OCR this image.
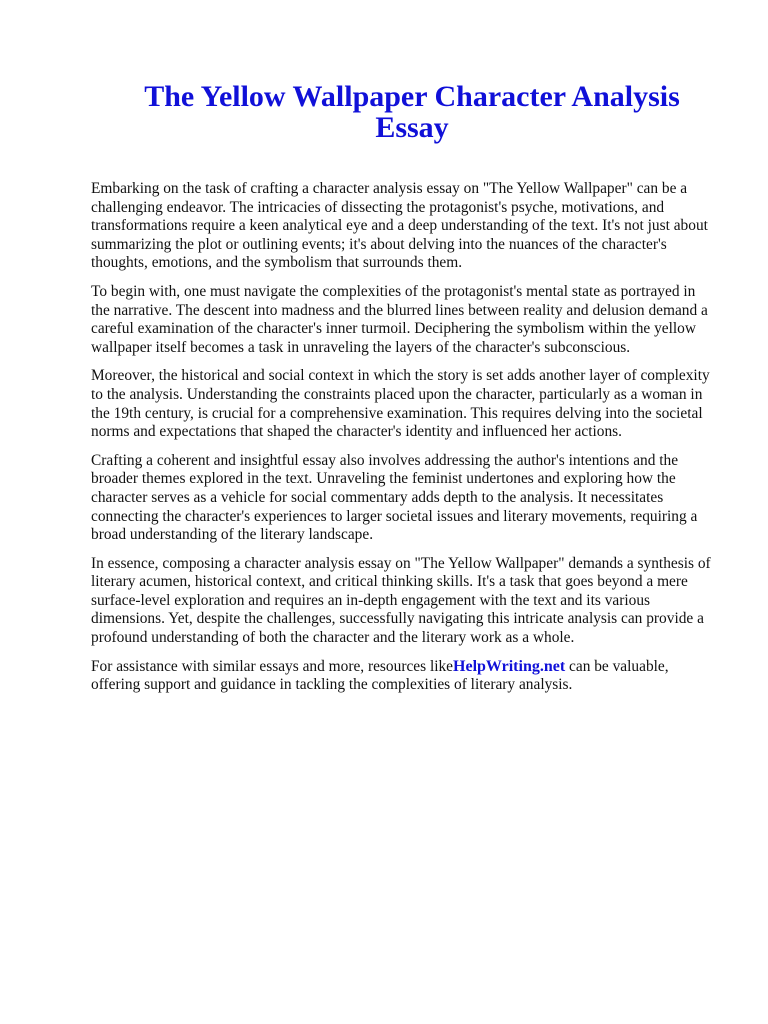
The Yellow Wallpaper Character Analysis
Essay

Embarking on the task of crafting a character analysis essay on "The Yellow Wallpaper" can be a
challenging endeavor. The intricacies of dissecting the protagonist's psyche, motivations, and
transformations require a keen analytical eye and a deep understanding of the text. It's not just about
summarizing the plot or outlining events; it's about delving into the nuances of the character's
thoughts, emotions, and the symbolism that surrounds them.

To begin with, one must navigate the complexities of the protagonist's mental state as portrayed in
the narrative. The descent into madness and the blurred lines between reality and delusion demand a
careful examination of the character's inner turmoil. Deciphering the symbolism within the yellow
wallpaper itself becomes a task in unraveling the layers of the character's subconscious.

Moreover, the historical and social context in which the story is set adds another layer of complexity
to the analysis. Understanding the constraints placed upon the character, particularly as a woman in
the 19th century, is crucial for a comprehensive examination. This requires delving into the societal
norms and expectations that shaped the character's identity and influenced her actions.

Crafting a coherent and insightful essay also involves addressing the author's intentions and the
broader themes explored in the text. Unraveling the feminist undertones and exploring how the
character serves as a vehicle for social commentary adds depth to the analysis. It necessitates
connecting the character's experiences to larger societal issues and literary movements, requiring a
broad understanding of the literary landscape.

In essence, composing a character analysis essay on "The Yellow Wallpaper" demands a synthesis of
literary acumen, historical context, and critical thinking skills. It's a task that goes beyond a mere
surface-level exploration and requires an in-depth engagement with the text and its various
dimensions. Yet, despite the challenges, successfully navigating this intricate analysis can provide a
profound understanding of both the character and the literary work as a whole.

For assistance with similar essays and more, resources likeHelpWriting.net can be valuable,
offering support and guidance in tackling the complexities of literary analysis.
